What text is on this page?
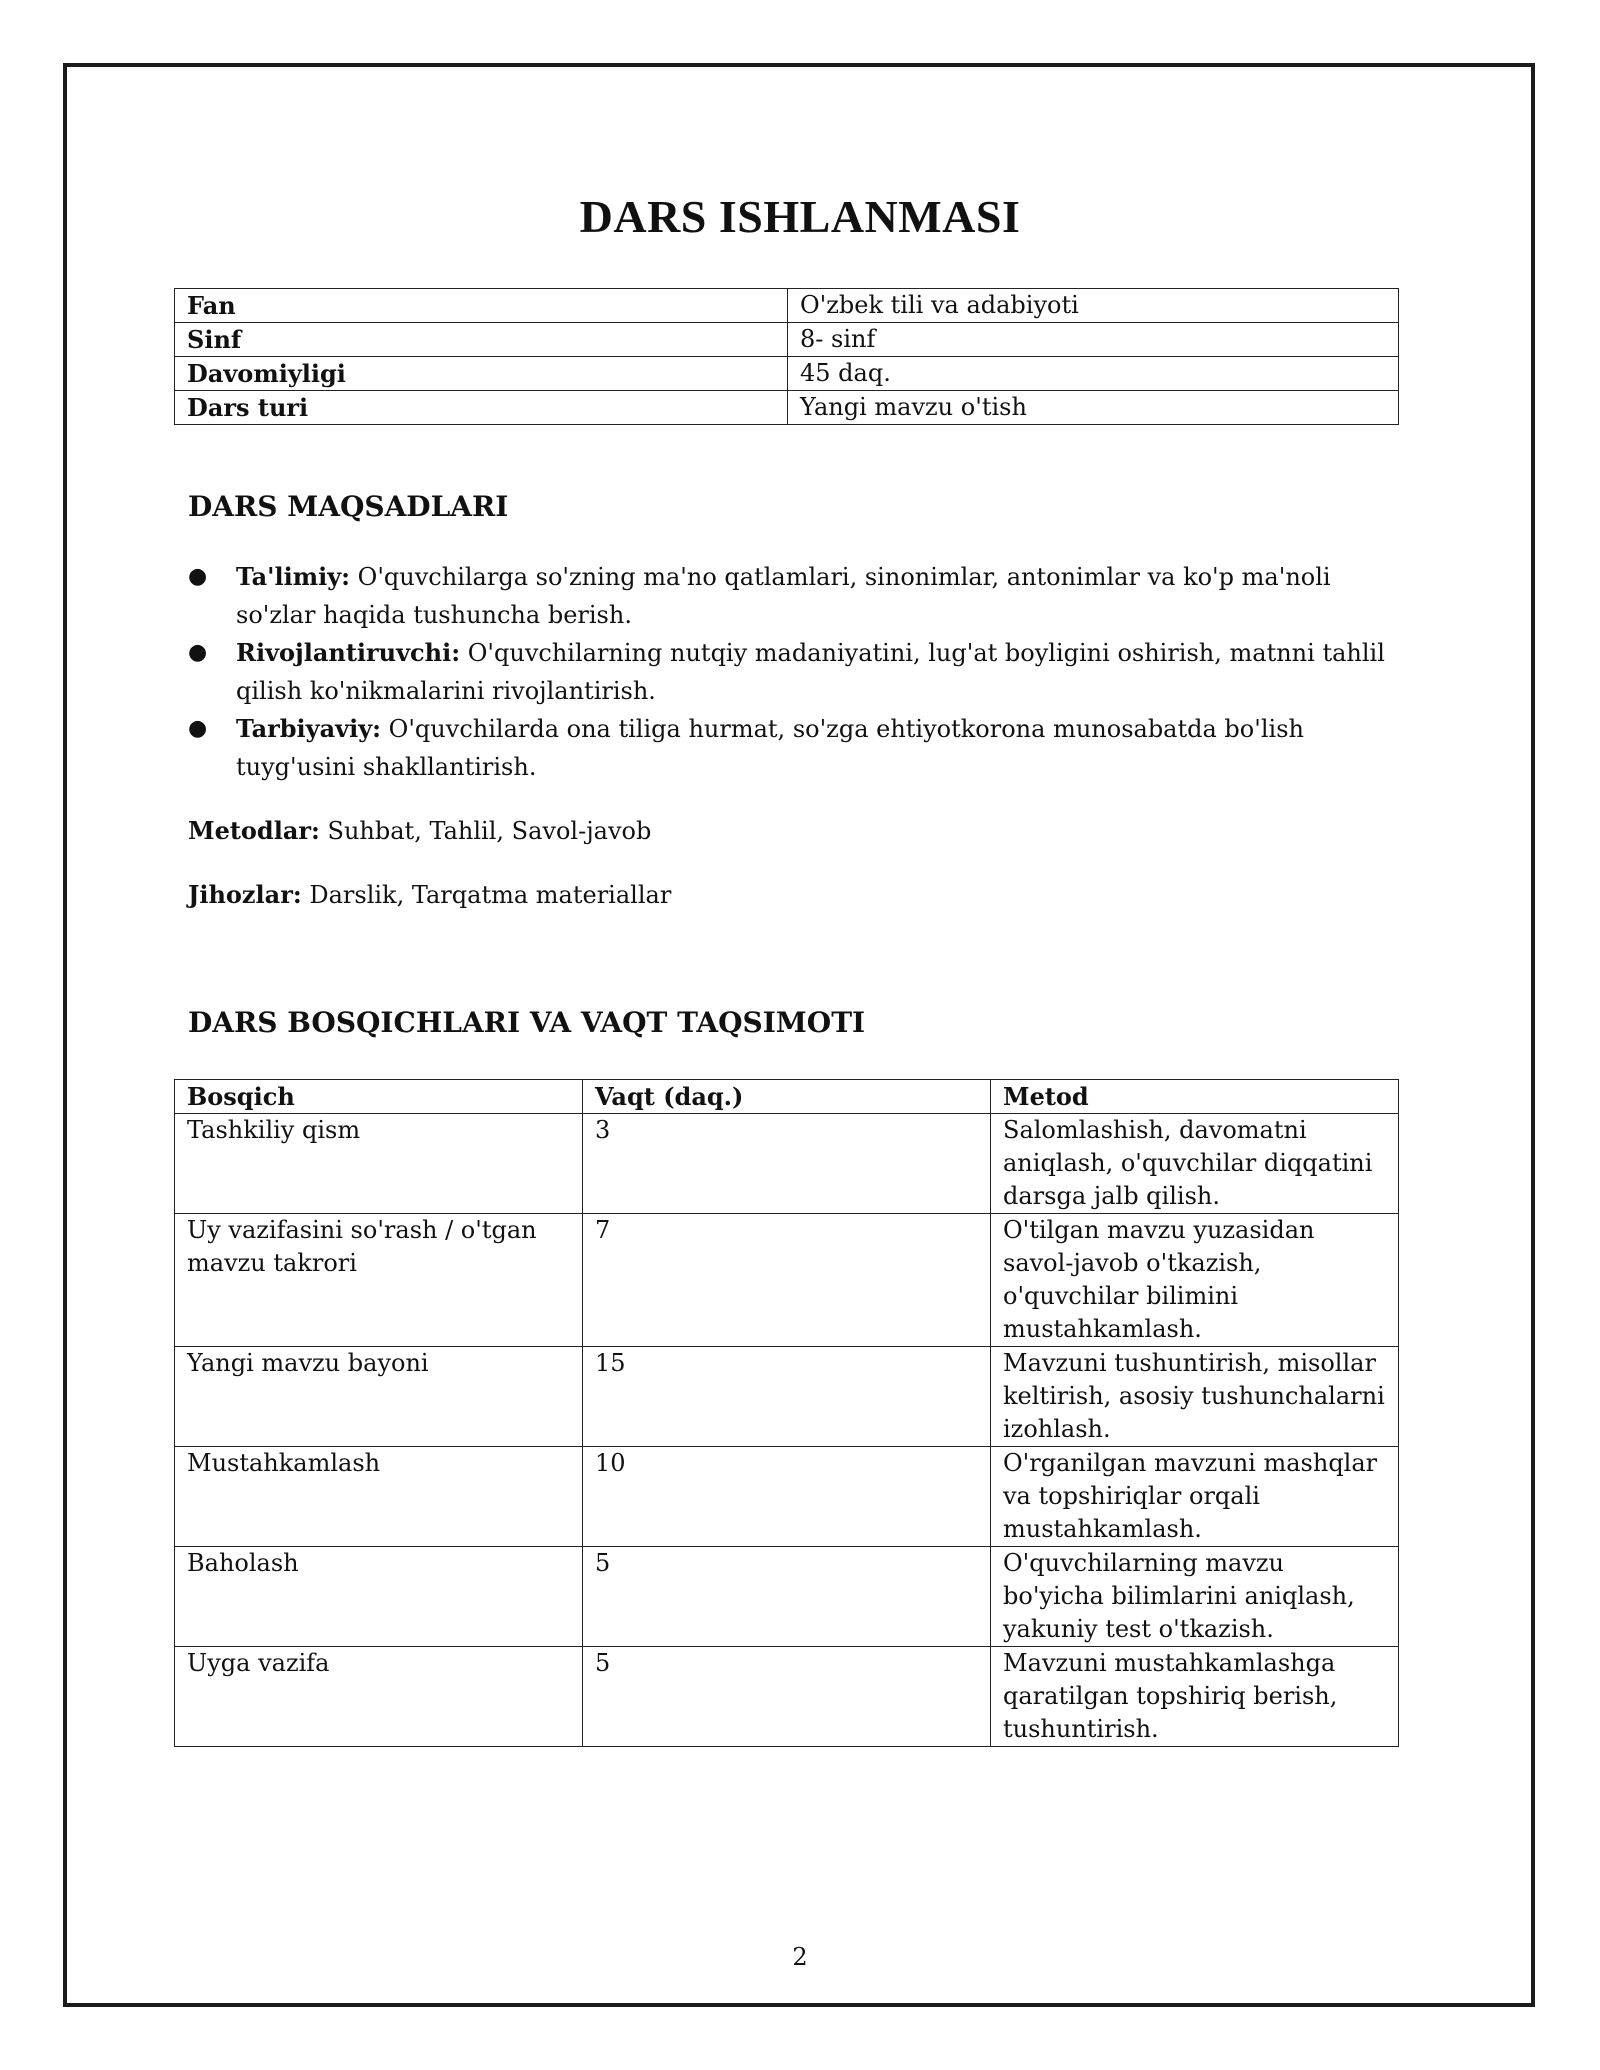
DARS ISHLANMASI
Fan	O'zbek tili va adabiyoti
Sinf	8- sinf
Davomiyligi	45 daq.
Dars turi	Yangi mavzu o'tish
DARS MAQSADLARI
● Ta'limiy: O'quvchilarga so'zning ma'no qatlamlari, sinonimlar, antonimlar va ko'p ma'noli so'zlar haqida tushuncha berish.
● Rivojlantiruvchi: O'quvchilarning nutqiy madaniyatini, lug'at boyligini oshirish, matnni tahlil qilish ko'nikmalarini rivojlantirish.
● Tarbiyaviy: O'quvchilarda ona tiliga hurmat, so'zga ehtiyotkorona munosabatda bo'lish tuyg'usini shakllantirish.
Metodlar: Suhbat, Tahlil, Savol-javob
Jihozlar: Darslik, Tarqatma materiallar
DARS BOSQICHLARI VA VAQT TAQSIMOTI
Bosqich	Vaqt (daq.)	Metod
Tashkiliy qism	3	Salomlashish, davomatni aniqlash, o'quvchilar diqqatini darsga jalb qilish.
Uy vazifasini so'rash / o'tgan mavzu takrori	7	O'tilgan mavzu yuzasidan savol-javob o'tkazish, o'quvchilar bilimini mustahkamlash.
Yangi mavzu bayoni	15	Mavzuni tushuntirish, misollar keltirish, asosiy tushunchalarni izohlash.
Mustahkamlash	10	O'rganilgan mavzuni mashqlar va topshiriqlar orqali mustahkamlash.
Baholash	5	O'quvchilarning mavzu bo'yicha bilimlarini aniqlash, yakuniy test o'tkazish.
Uyga vazifa	5	Mavzuni mustahkamlashga qaratilgan topshiriq berish, tushuntirish.
2
